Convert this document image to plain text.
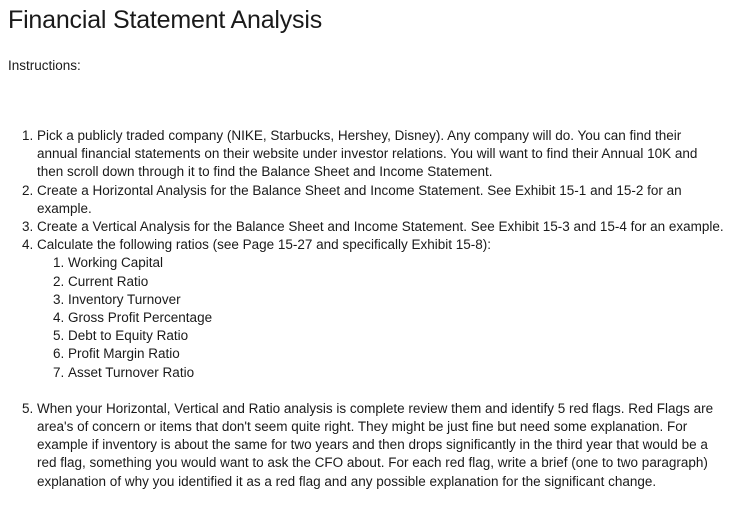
Financial Statement Analysis

Instructions:

1. Pick a publicly traded company (NIKE, Starbucks, Hershey, Disney). Any company will do. You can find their annual financial statements on their website under investor relations. You will want to find their Annual 10K and then scroll down through it to find the Balance Sheet and Income Statement.
2. Create a Horizontal Analysis for the Balance Sheet and Income Statement. See Exhibit 15-1 and 15-2 for an example.
3. Create a Vertical Analysis for the Balance Sheet and Income Statement. See Exhibit 15-3 and 15-4 for an example.
4. Calculate the following ratios (see Page 15-27 and specifically Exhibit 15-8):
1. Working Capital
2. Current Ratio
3. Inventory Turnover
4. Gross Profit Percentage
5. Debt to Equity Ratio
6. Profit Margin Ratio
7. Asset Turnover Ratio
5. When your Horizontal, Vertical and Ratio analysis is complete review them and identify 5 red flags. Red Flags are area's of concern or items that don't seem quite right. They might be just fine but need some explanation. For example if inventory is about the same for two years and then drops significantly in the third year that would be a red flag, something you would want to ask the CFO about. For each red flag, write a brief (one to two paragraph) explanation of why you identified it as a red flag and any possible explanation for the significant change.
